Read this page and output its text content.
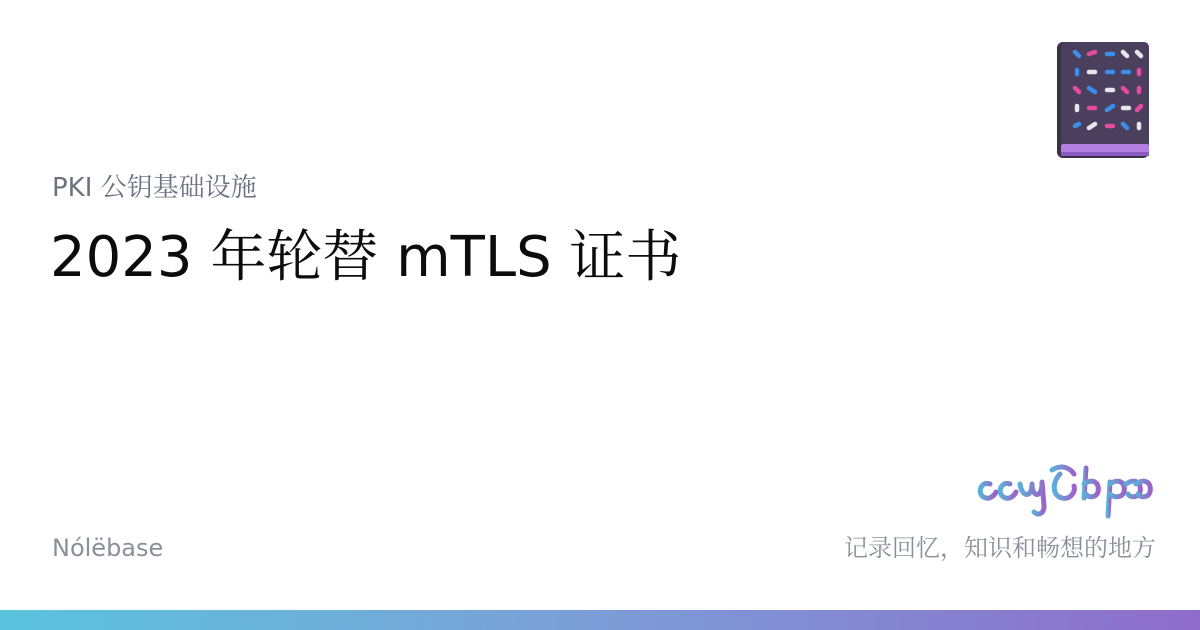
PKI 公钥基础设施
2023 年轮替 mTLS 证书
Nólëbase	记录回忆，知识和畅想的地方
